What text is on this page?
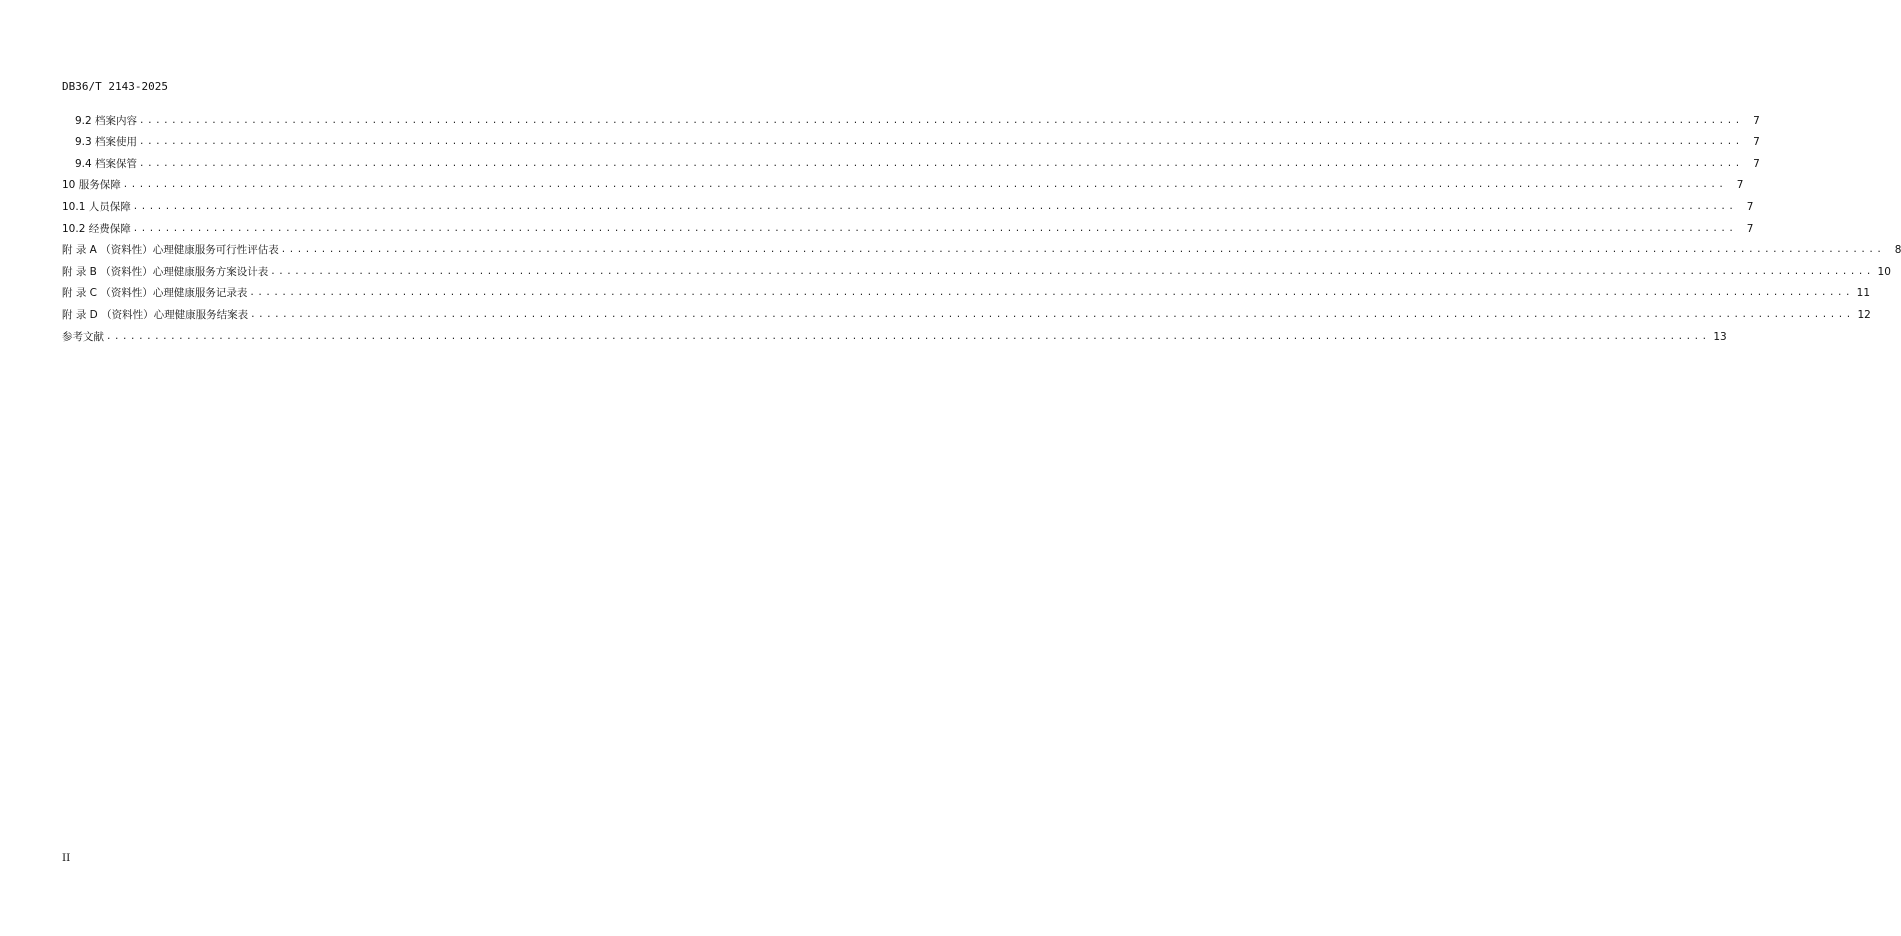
DB36/T 2143-2025
9.2 档案内容 ........................................................................................................................................................................................................ 7
9.3 档案使用 ........................................................................................................................................................................................................ 7
9.4 档案保管 ........................................................................................................................................................................................................ 7
10 服务保障 ........................................................................................................................................................................................................ 7
10.1 人员保障 ........................................................................................................................................................................................................ 7
10.2 经费保障 ........................................................................................................................................................................................................ 7
附 录 A （资料性）心理健康服务可行性评估表 ........................................................................................................................................................................................................ 8
附 录 B （资料性）心理健康服务方案设计表 ........................................................................................................................................................................................................ 10
附 录 C （资料性）心理健康服务记录表 ........................................................................................................................................................................................................ 11
附 录 D （资料性）心理健康服务结案表 ........................................................................................................................................................................................................ 12
参考文献 ........................................................................................................................................................................................................ 13
II
